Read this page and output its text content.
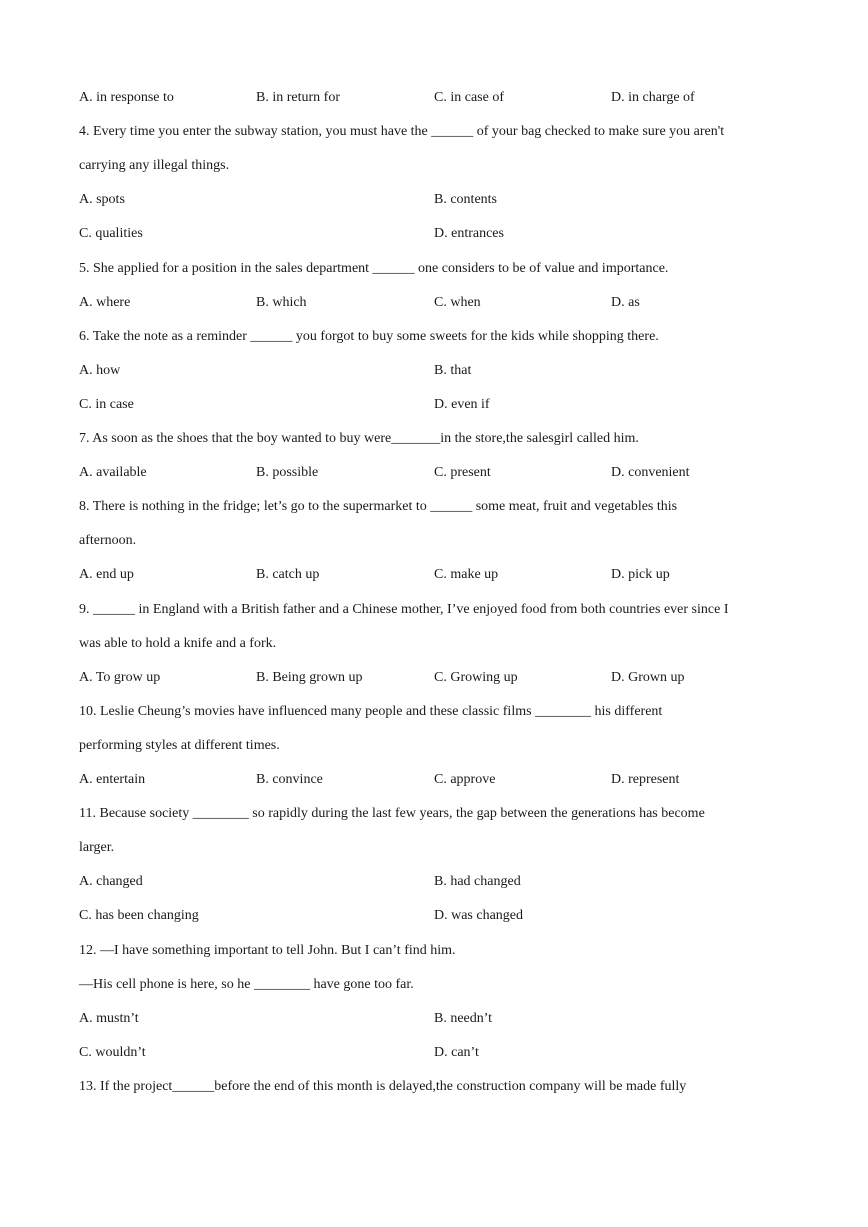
A. in response to	B. in return for	C. in case of	D. in charge of
4. Every time you enter the subway station, you must have the ______ of your bag checked to make sure you aren't
carrying any illegal things.
A. spots	B. contents
C. qualities	D. entrances
5. She applied for a position in the sales department ______ one considers to be of value and importance.
A. where	B. which	C. when	D. as
6. Take the note as a reminder ______ you forgot to buy some sweets for the kids while shopping there.
A. how	B. that
C. in case	D. even if
7. As soon as the shoes that the boy wanted to buy were_______in the store,the salesgirl called him.
A. available	B. possible	C. present	D. convenient
8. There is nothing in the fridge; let’s go to the supermarket to ______ some meat, fruit and vegetables this
afternoon.
A. end up	B. catch up	C. make up	D. pick up
9. ______ in England with a British father and a Chinese mother, I’ve enjoyed food from both countries ever since I
was able to hold a knife and a fork.
A. To grow up	B. Being grown up	C. Growing up	D. Grown up
10. Leslie Cheung’s movies have influenced many people and these classic films ________ his different
performing styles at different times.
A. entertain	B. convince	C. approve	D. represent
11. Because society ________ so rapidly during the last few years, the gap between the generations has become
larger.
A. changed	B. had changed
C. has been changing	D. was changed
12. —I have something important to tell John. But I can’t find him.
—His cell phone is here, so he ________ have gone too far.
A. mustn’t	B. needn’t
C. wouldn’t	D. can’t
13. If the project______before the end of this month is delayed,the construction company will be made fully
